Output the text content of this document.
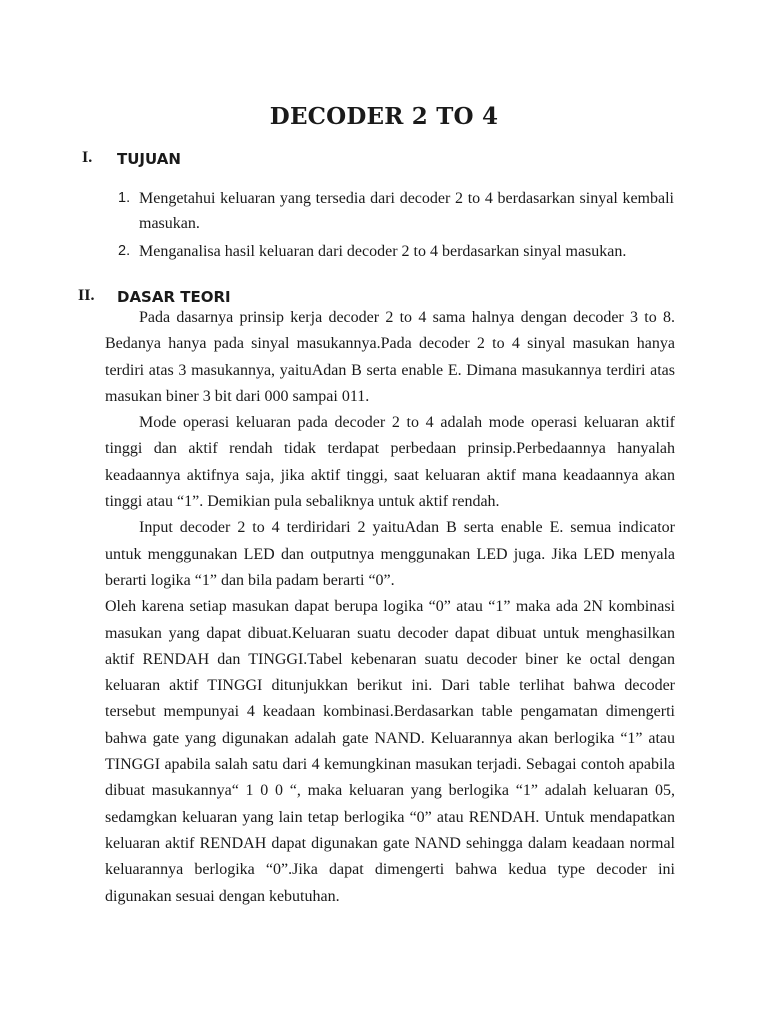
DECODER 2 TO 4
I. TUJUAN
1. Mengetahui keluaran yang tersedia dari decoder 2 to 4 berdasarkan sinyal kembali masukan.
2. Menganalisa hasil keluaran dari decoder 2 to 4 berdasarkan sinyal masukan.
II. DASAR TEORI

Pada dasarnya prinsip kerja decoder 2 to 4 sama halnya dengan decoder 3 to 8. Bedanya hanya pada sinyal masukannya.Pada decoder 2 to 4 sinyal masukan hanya terdiri atas 3 masukannya, yaituAdan B serta enable E. Dimana masukannya terdiri atas masukan biner 3 bit dari 000 sampai 011.

Mode operasi keluaran pada decoder 2 to 4 adalah mode operasi keluaran aktif tinggi dan aktif rendah tidak terdapat perbedaan prinsip.Perbedaannya hanyalah keadaannya aktifnya saja, jika aktif tinggi, saat keluaran aktif mana keadaannya akan tinggi atau “1”. Demikian pula sebaliknya untuk aktif rendah.

Input decoder 2 to 4 terdiridari 2 yaituAdan B serta enable E. semua indicator untuk menggunakan LED dan outputnya menggunakan LED juga. Jika LED menyala berarti logika “1” dan bila padam berarti “0”.

Oleh karena setiap masukan dapat berupa logika “0” atau “1” maka ada 2N kombinasi masukan yang dapat dibuat.Keluaran suatu decoder dapat dibuat untuk menghasilkan aktif RENDAH dan TINGGI.Tabel kebenaran suatu decoder biner ke octal dengan keluaran aktif TINGGI ditunjukkan berikut ini. Dari table terlihat bahwa decoder tersebut mempunyai 4 keadaan kombinasi.Berdasarkan table pengamatan dimengerti bahwa gate yang digunakan adalah gate NAND. Keluarannya akan berlogika “1” atau TINGGI apabila salah satu dari 4 kemungkinan masukan terjadi. Sebagai contoh apabila dibuat masukannya“ 1 0 0 “, maka keluaran yang berlogika “1” adalah keluaran 05, sedamgkan keluaran yang lain tetap berlogika “0” atau RENDAH. Untuk mendapatkan keluaran aktif RENDAH dapat digunakan gate NAND sehingga dalam keadaan normal keluarannya berlogika “0”.Jika dapat dimengerti bahwa kedua type decoder ini digunakan sesuai dengan kebutuhan.
